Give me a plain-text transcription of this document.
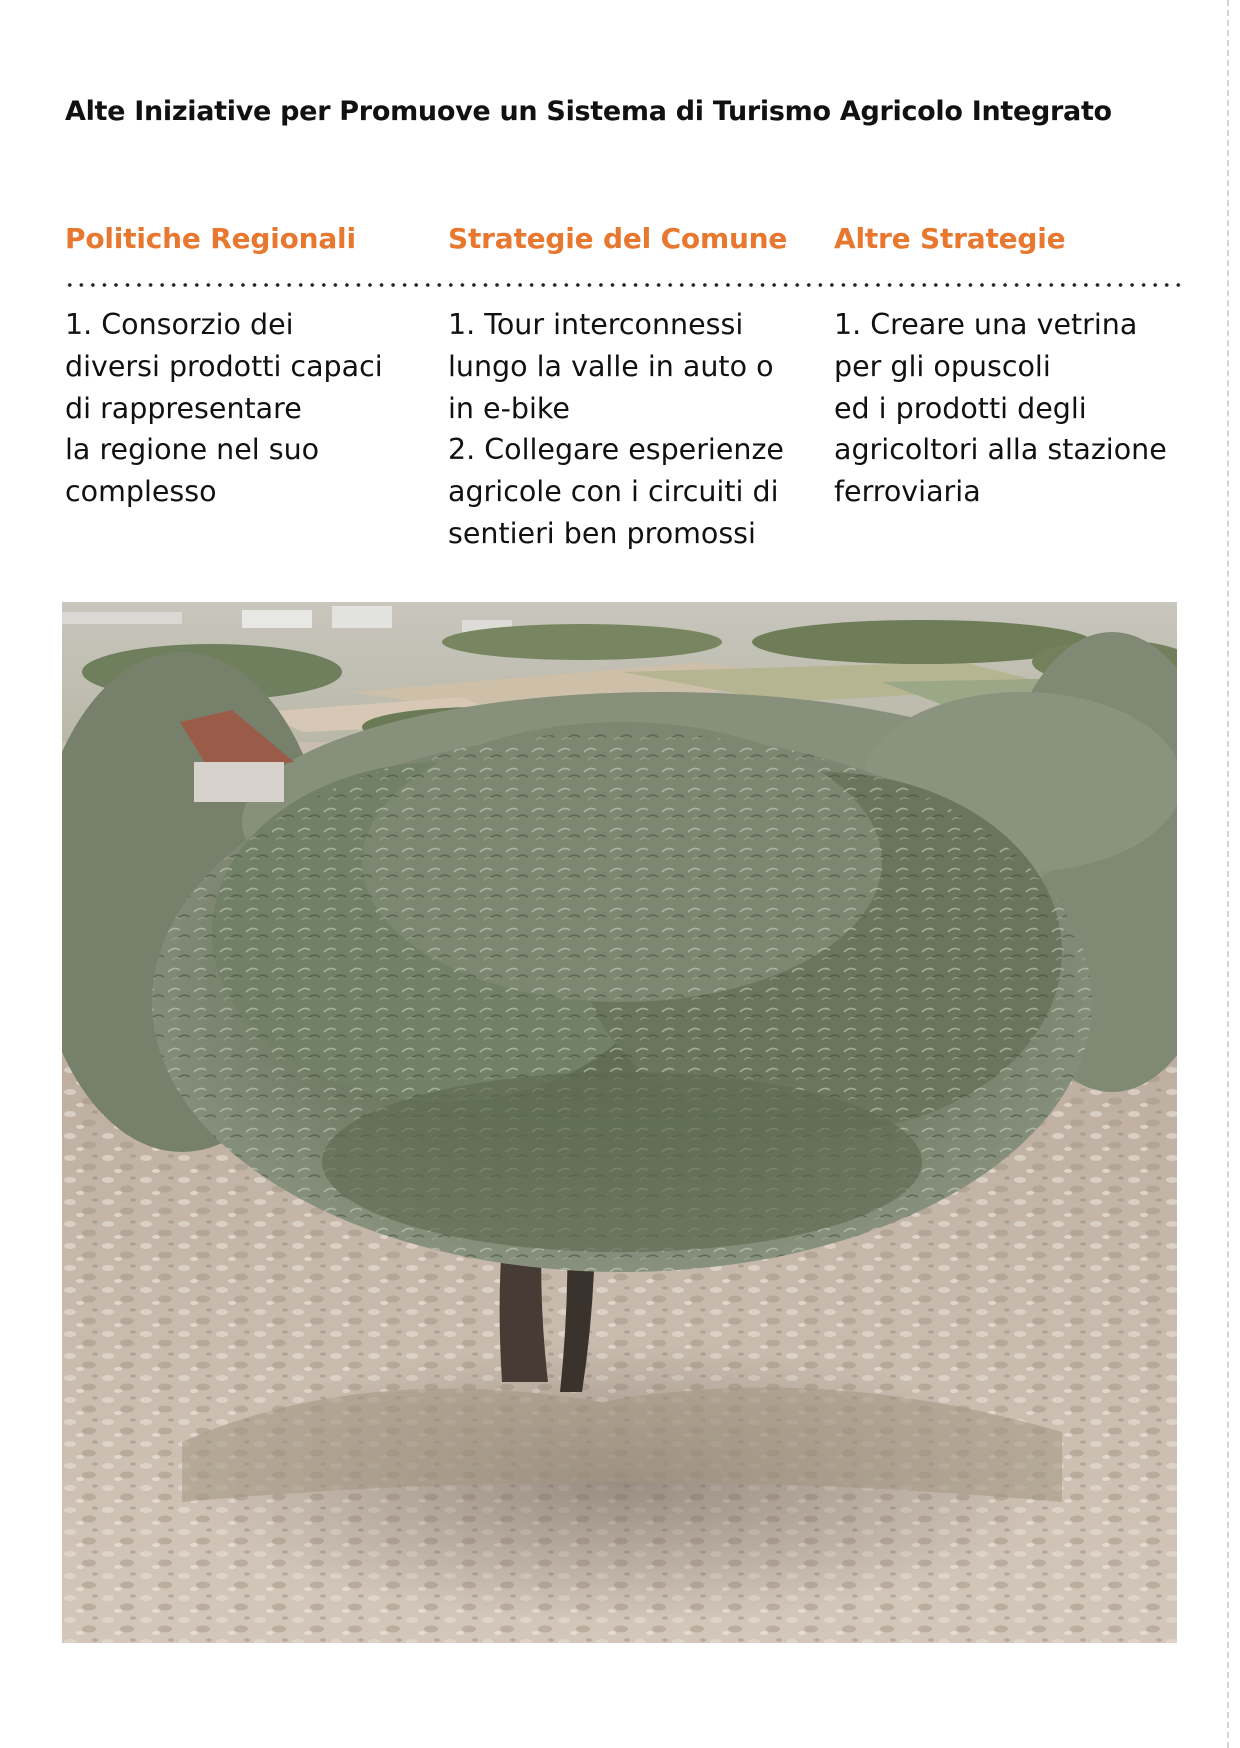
Alte Iniziative per Promuove un Sistema di Turismo Agricolo Integrato
Politiche Regionali	Strategie del Comune	Altre Strategie
1. Consorzio dei
diversi prodotti capaci
di rappresentare
la regione nel suo
complesso
1. Tour interconnessi
lungo la valle in auto o
in e-bike
2. Collegare esperienze
agricole con i circuiti di
sentieri ben promossi
1. Creare una vetrina
per gli opuscoli
ed i prodotti degli
agricoltori alla stazione
ferroviaria
